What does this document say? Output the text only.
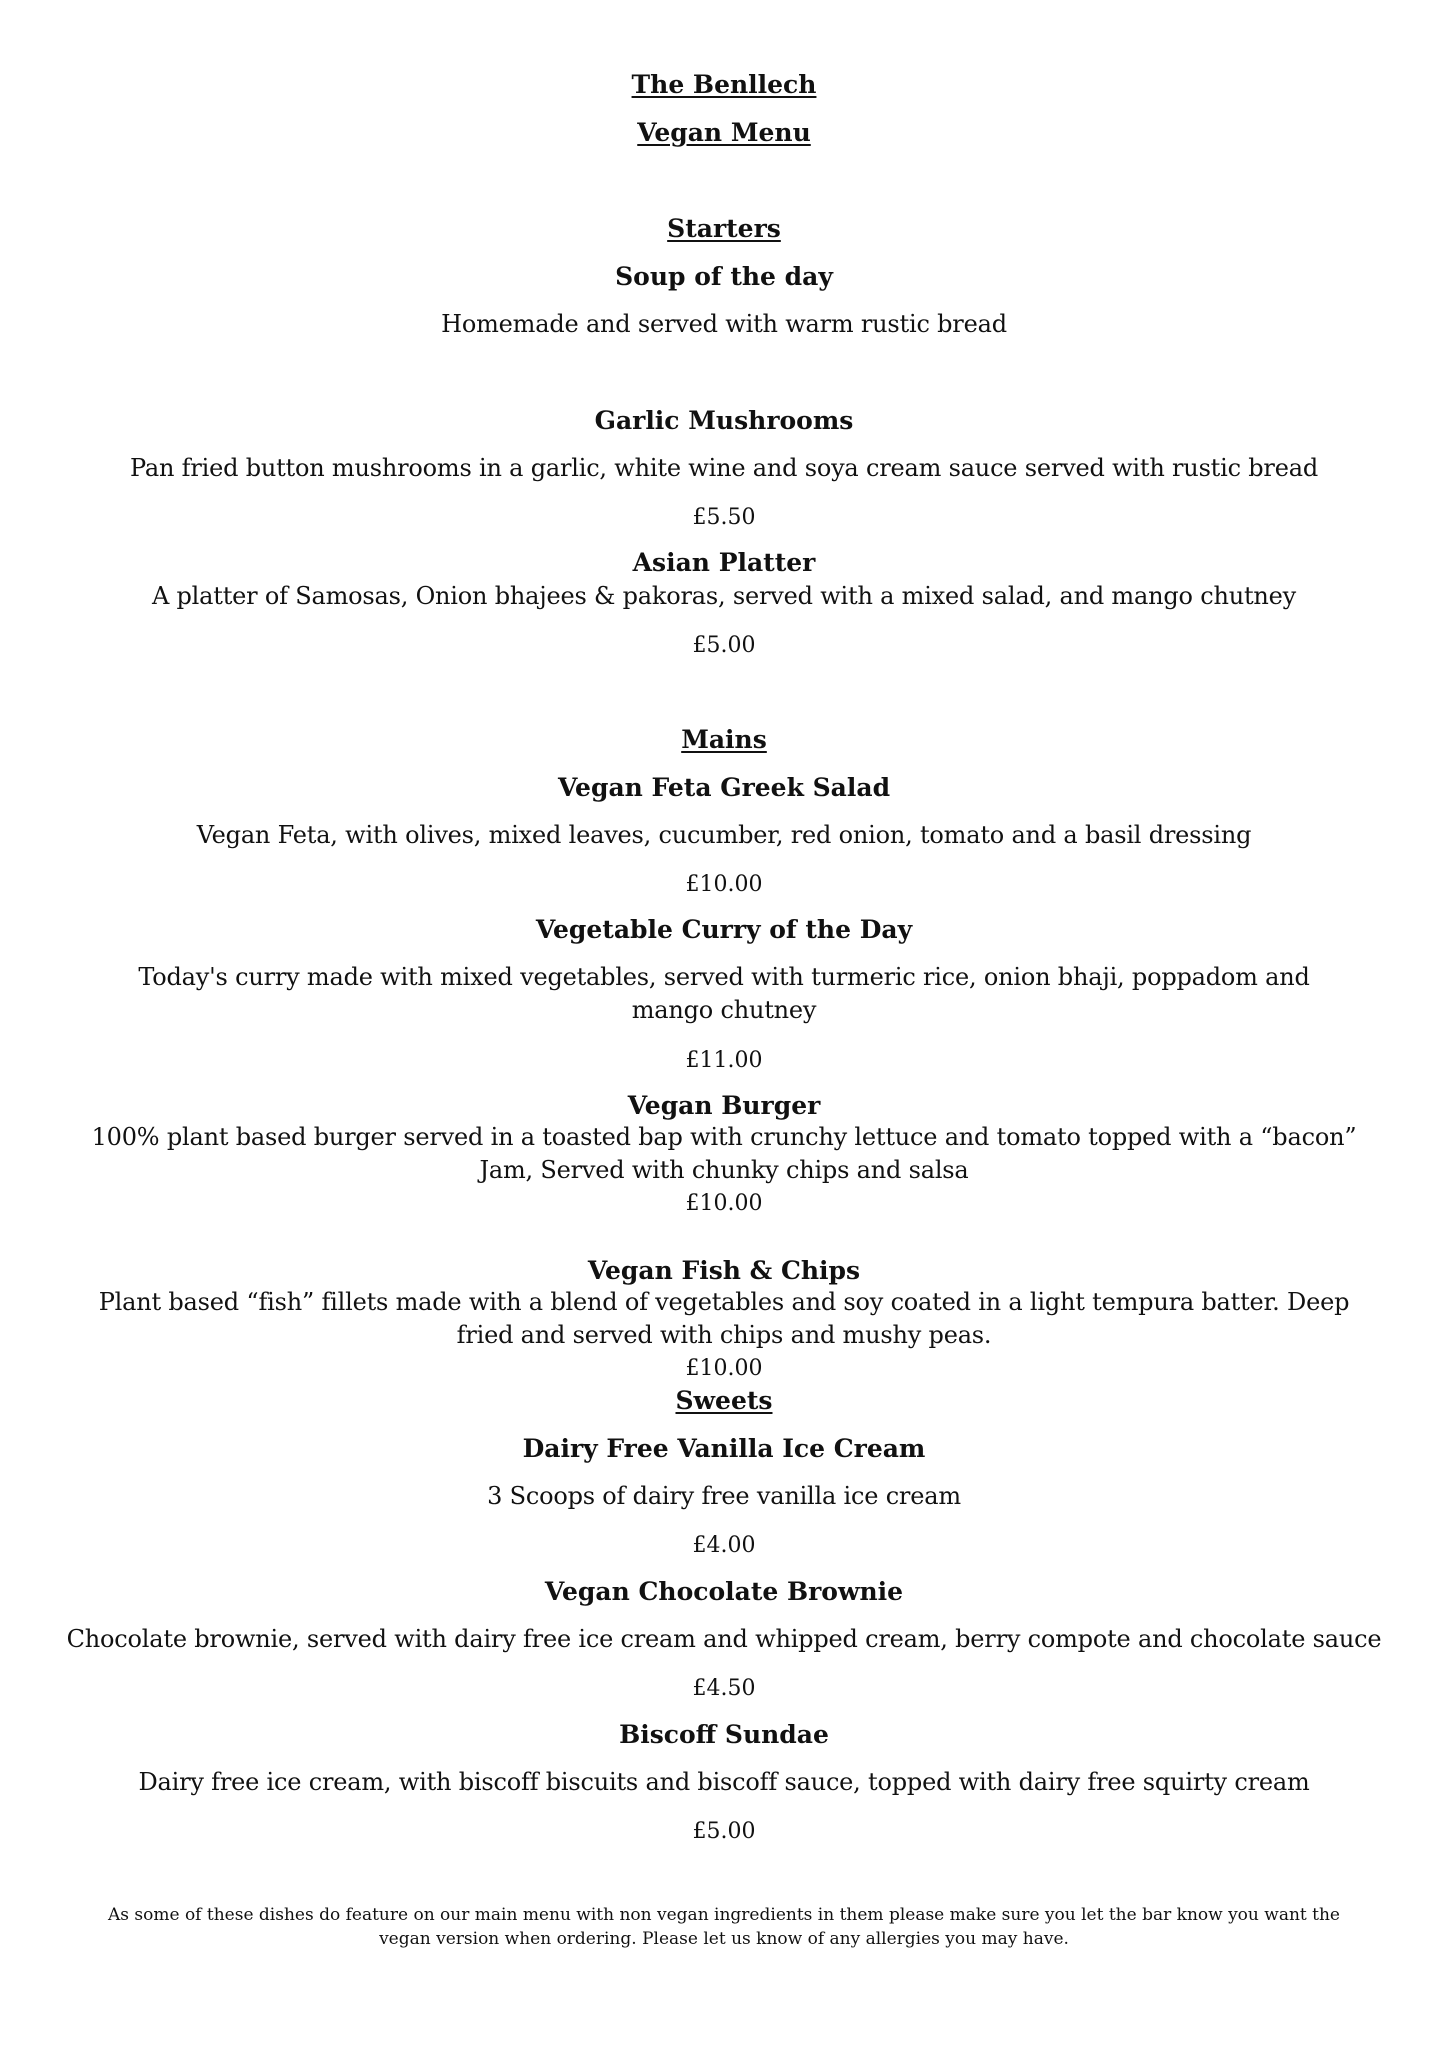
The Benllech
Vegan Menu
Starters
Soup of the day
Homemade and served with warm rustic bread
Garlic Mushrooms
Pan fried button mushrooms in a garlic, white wine and soya cream sauce served with rustic bread
£5.50
Asian Platter
A platter of Samosas, Onion bhajees & pakoras, served with a mixed salad, and mango chutney
£5.00
Mains
Vegan Feta Greek Salad
Vegan Feta, with olives, mixed leaves, cucumber, red onion, tomato and a basil dressing
£10.00
Vegetable Curry of the Day
Today's curry made with mixed vegetables, served with turmeric rice, onion bhaji, poppadom and mango chutney
£11.00
Vegan Burger
100% plant based burger served in a toasted bap with crunchy lettuce and tomato topped with a “bacon” Jam, Served with chunky chips and salsa
£10.00
Vegan Fish & Chips
Plant based “fish” fillets made with a blend of vegetables and soy coated in a light tempura batter. Deep fried and served with chips and mushy peas.
£10.00
Sweets
Dairy Free Vanilla Ice Cream
3 Scoops of dairy free vanilla ice cream
£4.00
Vegan Chocolate Brownie
Chocolate brownie, served with dairy free ice cream and whipped cream, berry compote and chocolate sauce
£4.50
Biscoff Sundae
Dairy free ice cream, with biscoff biscuits and biscoff sauce, topped with dairy free squirty cream
£5.00
As some of these dishes do feature on our main menu with non vegan ingredients in them please make sure you let the bar know you want the vegan version when ordering. Please let us know of any allergies you may have.
